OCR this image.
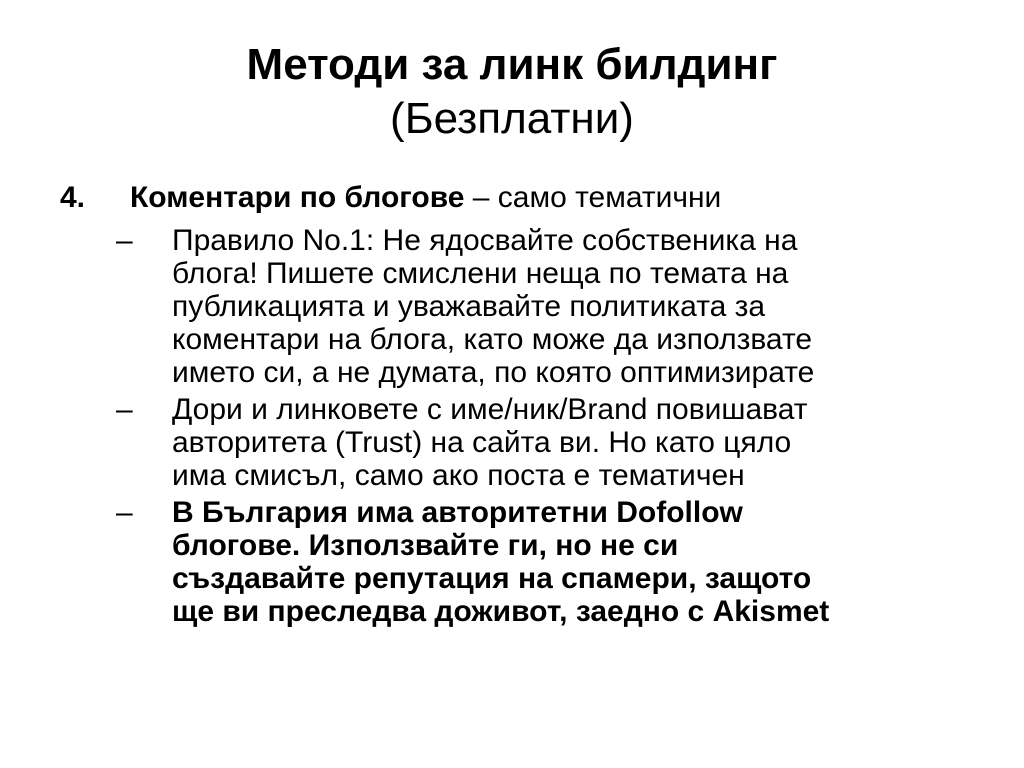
Методи за линк билдинг
(Безплатни)
4. Коментари по блогове – само тематични
– Правило No.1: Не ядосвайте собственика на
блога! Пишете смислени неща по темата на
публикацията и уважавайте политиката за
коментари на блога, като може да използвате
името си, а не думата, по която оптимизирате
– Дори и линковете с име/ник/Brand повишават
авторитета (Trust) на сайта ви. Но като цяло
има смисъл, само ако поста е тематичен
– В България има авторитетни Dofollow
блогове. Използвайте ги, но не си
създавайте репутация на спамери, защото
ще ви преследва доживот, заедно с Akismet
